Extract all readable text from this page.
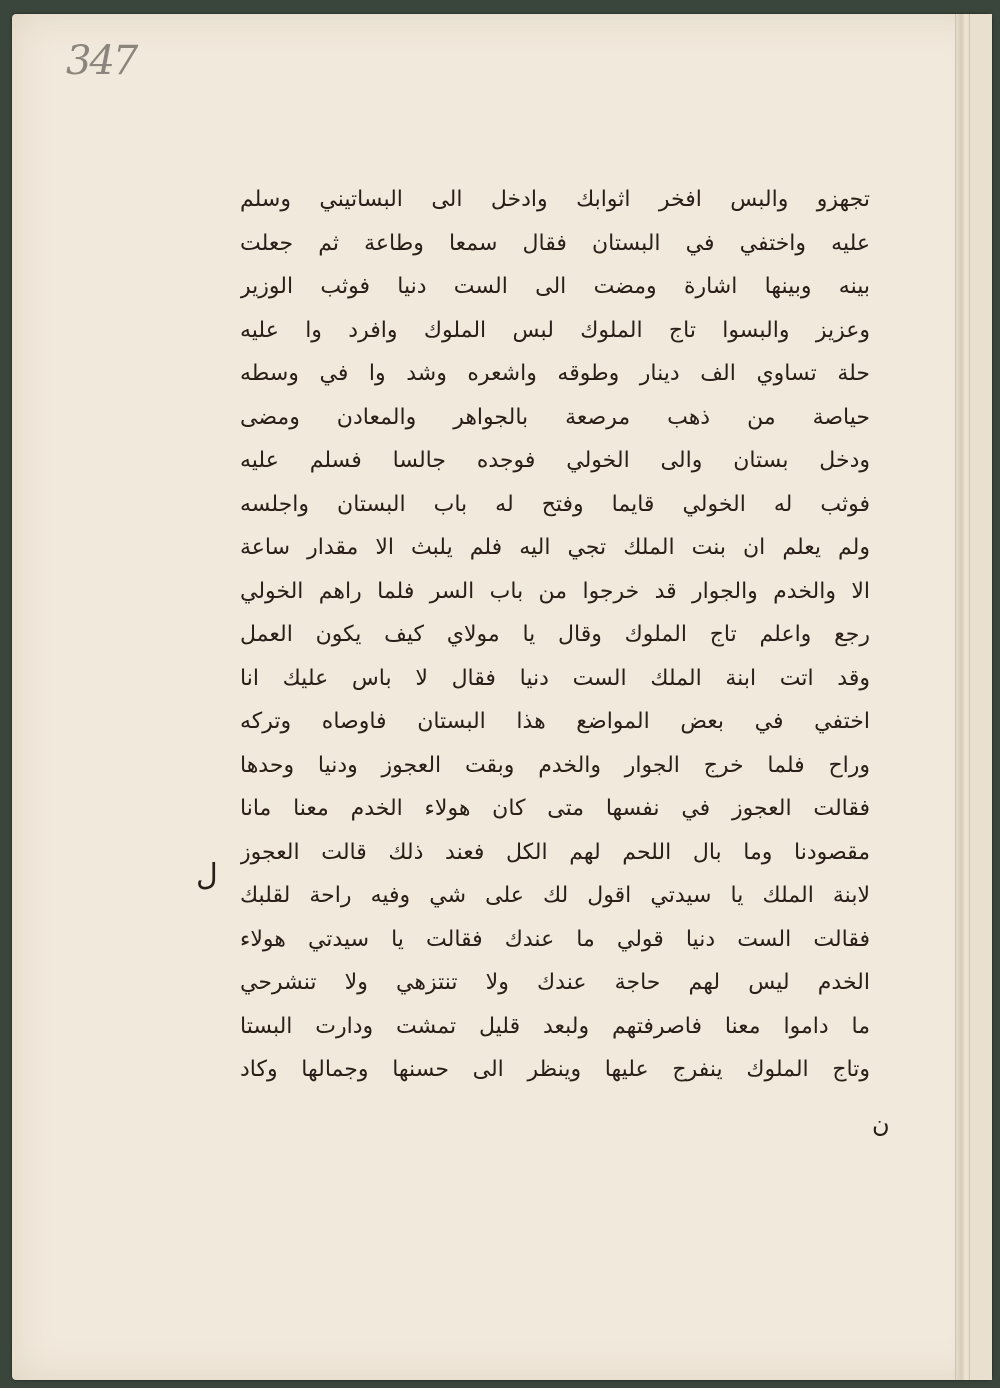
347
تجهزو والبس افخر اثوابك وادخل الى البساتيني وسلم
عليه واختفي في البستان فقال سمعا وطاعة ثم جعلت
بينه وبينها اشارة ومضت الى الست دنيا فوثب الوزير
وعزيز والبسوا تاج الملوك لبس الملوك وافرد وا عليه
حلة تساوي الف دينار وطوقه واشعره وشد وا في وسطه
حياصة من ذهب مرصعة بالجواهر والمعادن ومضى
ودخل بستان والى الخولي فوجده جالسا فسلم عليه
فوثب له الخولي قايما وفتح له باب البستان واجلسه
ولم يعلم ان بنت الملك تجي اليه فلم يلبث الا مقدار ساعة
الا والخدم والجوار قد خرجوا من باب السر فلما راهم الخولي
رجع واعلم تاج الملوك وقال يا مولاي كيف يكون العمل
وقد اتت ابنة الملك الست دنيا فقال لا باس عليك انا
اختفي في بعض المواضع هذا البستان فاوصاه وتركه
وراح فلما خرج الجوار والخدم وبقت العجوز ودنيا وحدها
فقالت العجوز في نفسها متى كان هولاء الخدم معنا مانا
مقصودنا وما بال اللحم لهم الكل فعند ذلك قالت العجوز
لابنة الملك يا سيدتي اقول لك على شي وفيه راحة لقلبك
فقالت الست دنيا قولي ما عندك فقالت يا سيدتي هولاء
الخدم ليس لهم حاجة عندك ولا تنتزهي ولا تنشرحي
ما داموا معنا فاصرفتهم ولبعد قليل تمشت ودارت البستا
وتاج الملوك ينفرج عليها وينظر الى حسنها وجمالها وكاد
ل
ن
